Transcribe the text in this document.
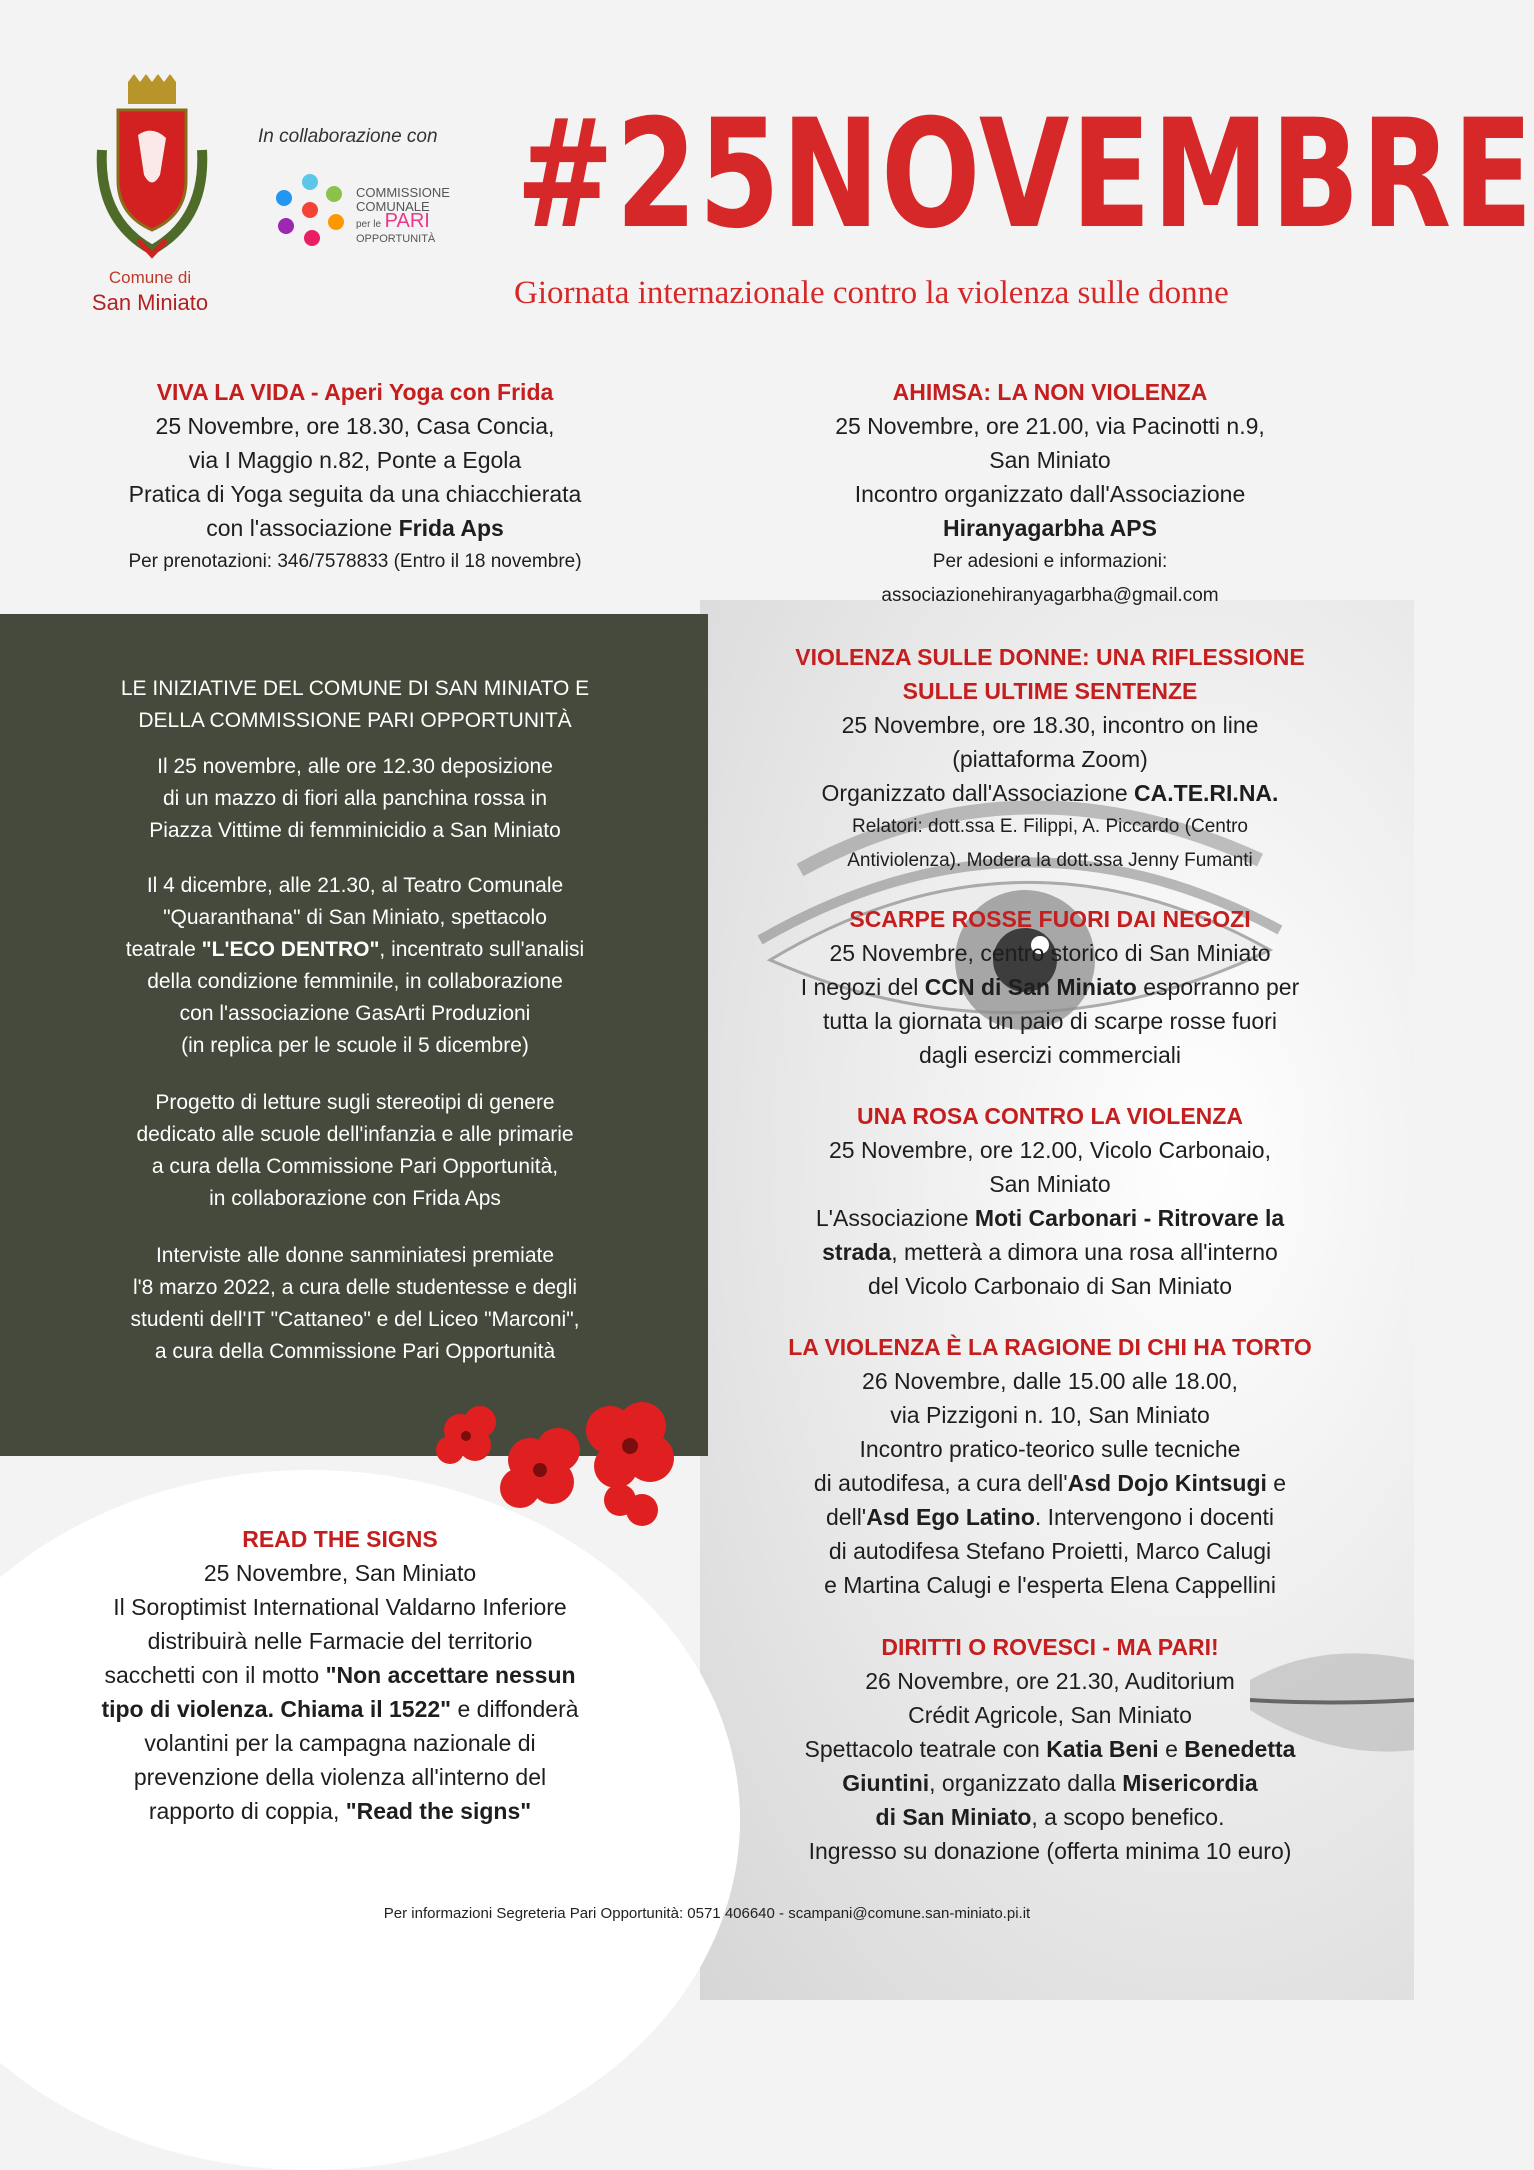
Comune di
San Miniato
In collaborazione con
COMMISSIONE
COMUNALE
per le PARI
OPPORTUNITÀ #25NOVEMBRE
Giornata internazionale contro la violenza sulle donne
VIVA LA VIDA - Aperi Yoga con Frida
25 Novembre, ore 18.30, Casa Concia,
via I Maggio n.82, Ponte a Egola
Pratica di Yoga seguita da una chiacchierata
con l'associazione Frida Aps
Per prenotazioni: 346/7578833 (Entro il 18 novembre)
LE INIZIATIVE DEL COMUNE DI SAN MINIATO E
DELLA COMMISSIONE PARI OPPORTUNITÀ
Il 25 novembre, alle ore 12.30 deposizione
di un mazzo di fiori alla panchina rossa in
Piazza Vittime di femminicidio a San Miniato
Il 4 dicembre, alle 21.30, al Teatro Comunale
"Quaranthana" di San Miniato, spettacolo
teatrale "L'ECO DENTRO", incentrato sull'analisi
della condizione femminile, in collaborazione
con l'associazione GasArti Produzioni
(in replica per le scuole il 5 dicembre)
Progetto di letture sugli stereotipi di genere
dedicato alle scuole dell'infanzia e alle primarie
a cura della Commissione Pari Opportunità,
in collaborazione con Frida Aps
Interviste alle donne sanminiatesi premiate
l'8 marzo 2022, a cura delle studentesse e degli
studenti dell'IT "Cattaneo" e del Liceo "Marconi",
a cura della Commissione Pari Opportunità
READ THE SIGNS
25 Novembre, San Miniato
Il Soroptimist International Valdarno Inferiore
distribuirà nelle Farmacie del territorio
sacchetti con il motto "Non accettare nessun
tipo di violenza. Chiama il 1522" e diffonderà
volantini per la campagna nazionale di
prevenzione della violenza all'interno del
rapporto di coppia, "Read the signs"
AHIMSA: LA NON VIOLENZA
25 Novembre, ore 21.00, via Pacinotti n.9,
San Miniato
Incontro organizzato dall'Associazione
Hiranyagarbha APS
Per adesioni e informazioni:
associazionehiranyagarbha@gmail.com
VIOLENZA SULLE DONNE: UNA RIFLESSIONE
SULLE ULTIME SENTENZE
25 Novembre, ore 18.30, incontro on line
(piattaforma Zoom)
Organizzato dall'Associazione CA.TE.RI.NA.
Relatori: dott.ssa E. Filippi, A. Piccardo (Centro
Antiviolenza). Modera la dott.ssa Jenny Fumanti
SCARPE ROSSE FUORI DAI NEGOZI
25 Novembre, centro storico di San Miniato
I negozi del CCN di San Miniato esporranno per
tutta la giornata un paio di scarpe rosse fuori
dagli esercizi commerciali
UNA ROSA CONTRO LA VIOLENZA
25 Novembre, ore 12.00, Vicolo Carbonaio,
San Miniato
L'Associazione Moti Carbonari - Ritrovare la
strada, metterà a dimora una rosa all'interno
del Vicolo Carbonaio di San Miniato
LA VIOLENZA È LA RAGIONE DI CHI HA TORTO
26 Novembre, dalle 15.00 alle 18.00,
via Pizzigoni n. 10, San Miniato
Incontro pratico-teorico sulle tecniche
di autodifesa, a cura dell'Asd Dojo Kintsugi e
dell'Asd Ego Latino. Intervengono i docenti
di autodifesa Stefano Proietti, Marco Calugi
e Martina Calugi e l'esperta Elena Cappellini
DIRITTI O ROVESCI - MA PARI!
26 Novembre, ore 21.30, Auditorium
Crédit Agricole, San Miniato
Spettacolo teatrale con Katia Beni e Benedetta
Giuntini, organizzato dalla Misericordia
di San Miniato, a scopo benefico.
Ingresso su donazione (offerta minima 10 euro)
Per informazioni Segreteria Pari Opportunità: 0571 406640 - scampani@comune.san-miniato.pi.it
